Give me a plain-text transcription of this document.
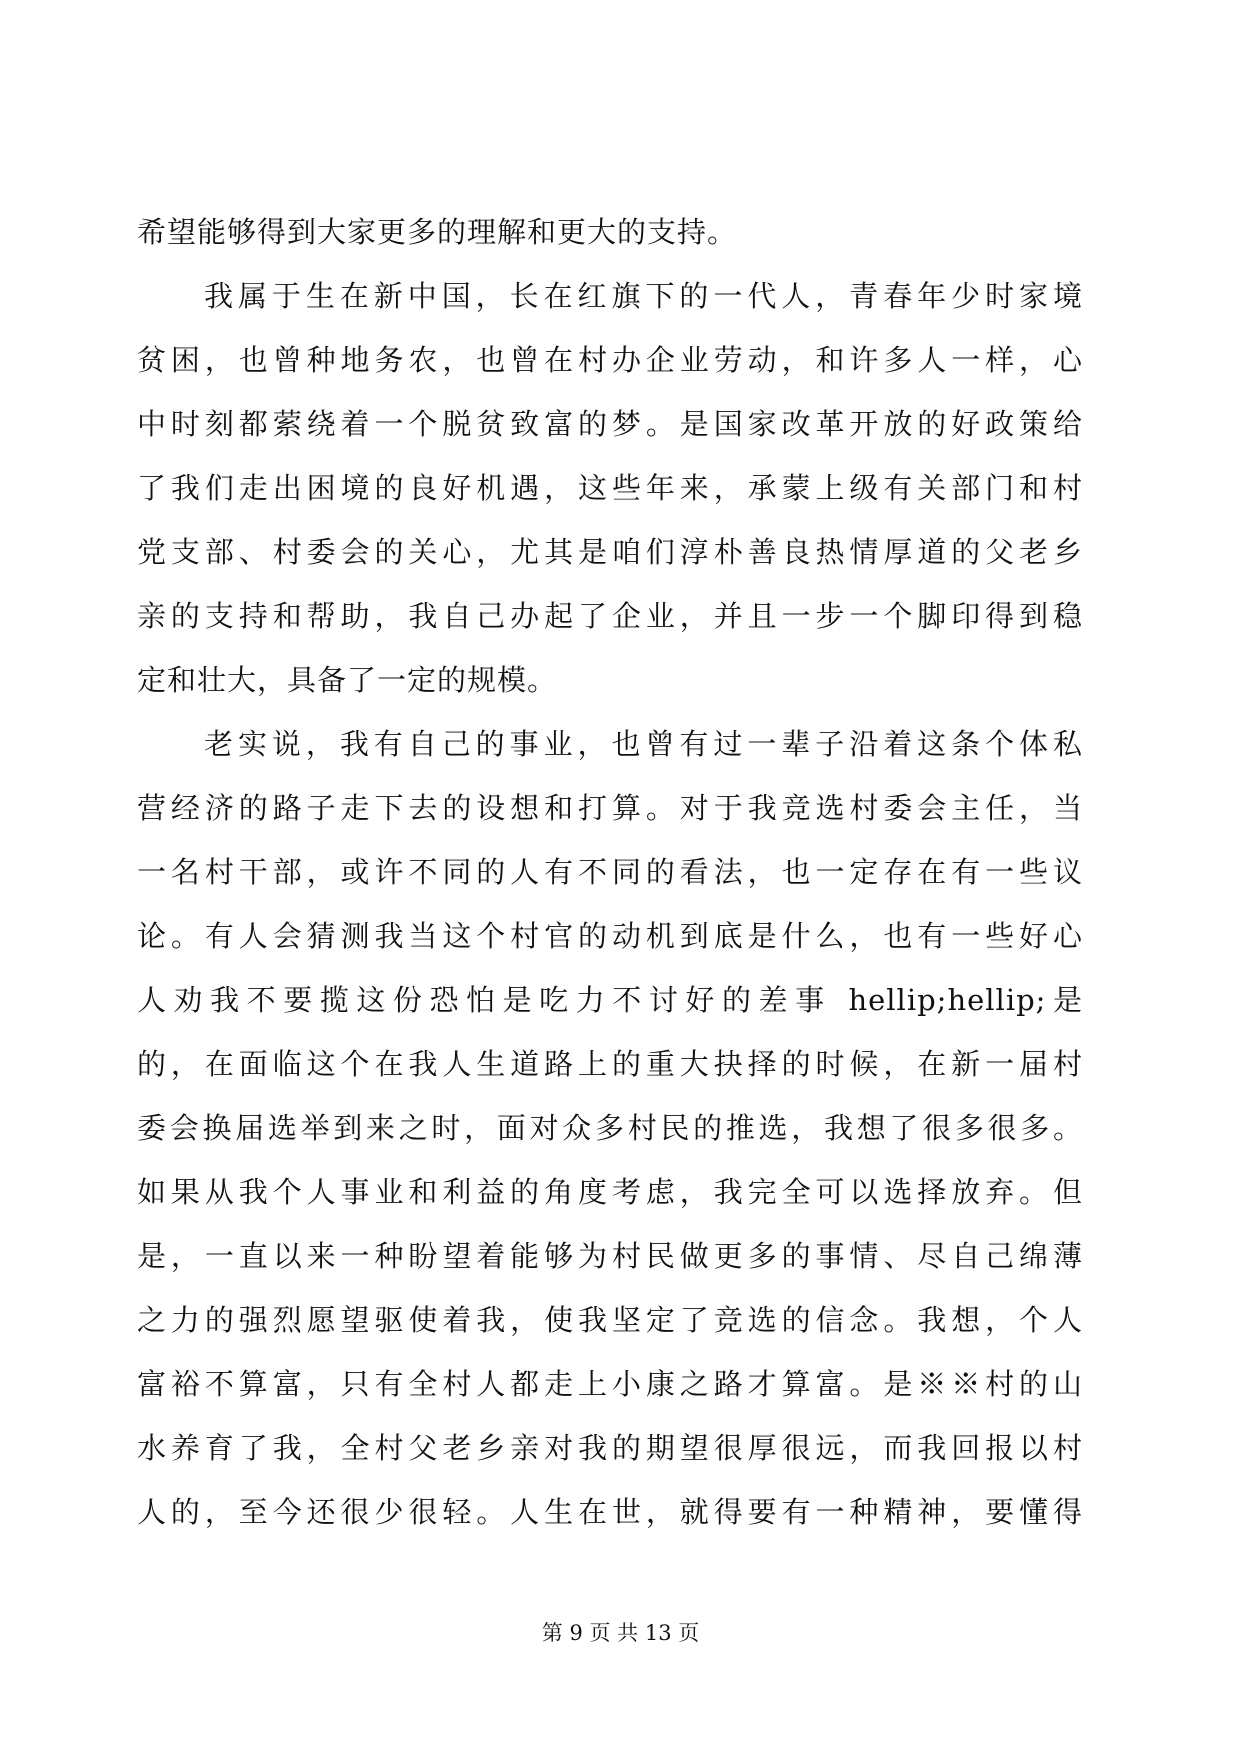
希望能够得到大家更多的理解和更大的支持。
我属于生在新中国，长在红旗下的一代人，青春年少时家境
贫困，也曾种地务农，也曾在村办企业劳动，和许多人一样，心
中时刻都萦绕着一个脱贫致富的梦。是国家改革开放的好政策给
了我们走出困境的良好机遇，这些年来，承蒙上级有关部门和村
党支部、村委会的关心，尤其是咱们淳朴善良热情厚道的父老乡
亲的支持和帮助，我自己办起了企业，并且一步一个脚印得到稳
定和壮大，具备了一定的规模。
老实说，我有自己的事业，也曾有过一辈子沿着这条个体私
营经济的路子走下去的设想和打算。对于我竞选村委会主任，当
一名村干部，或许不同的人有不同的看法，也一定存在有一些议
论。有人会猜测我当这个村官的动机到底是什么，也有一些好心
人劝我不要揽这份恐怕是吃力不讨好的差事 hellip;hellip;是
的，在面临这个在我人生道路上的重大抉择的时候，在新一届村
委会换届选举到来之时，面对众多村民的推选，我想了很多很多。
如果从我个人事业和利益的角度考虑，我完全可以选择放弃。但
是，一直以来一种盼望着能够为村民做更多的事情、尽自己绵薄
之力的强烈愿望驱使着我，使我坚定了竞选的信念。我想，个人
富裕不算富，只有全村人都走上小康之路才算富。是※※村的山
水养育了我，全村父老乡亲对我的期望很厚很远，而我回报以村
人的，至今还很少很轻。人生在世，就得要有一种精神，要懂得
第 9 页 共 13 页
